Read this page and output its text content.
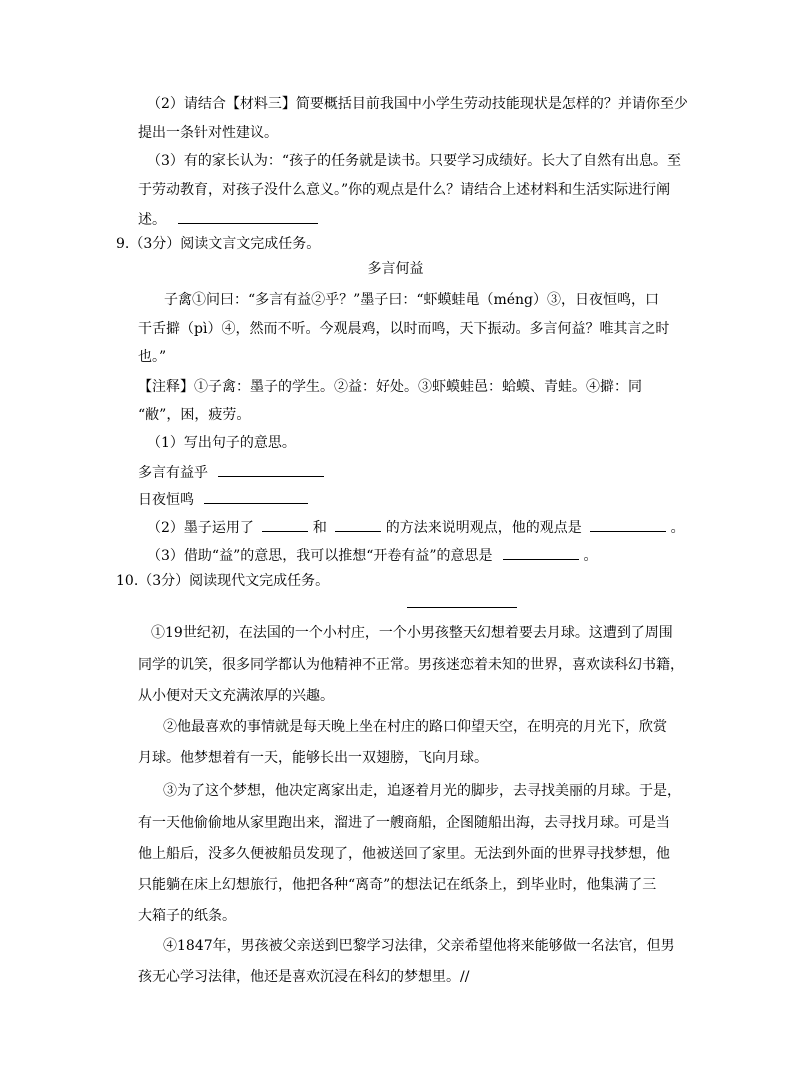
（2）请结合【材料三】简要概括目前我国中小学生劳动技能现状是怎样的？并请你至少
提出一条针对性建议。
（3）有的家长认为：“孩子的任务就是读书。只要学习成绩好。长大了自然有出息。至
于劳动教育，对孩子没什么意义。”你的观点是什么？请结合上述材料和生活实际进行阐
述。
9.（3分）阅读文言文完成任务。
多言何益
子禽①问曰：“多言有益②乎？”墨子曰：“虾蟆蛙黾（méng）③，日夜恒鸣，口
干舌擗（pì）④，然而不听。今观晨鸡，以时而鸣，天下振动。多言何益？唯其言之时
也。”
【注释】①子禽：墨子的学生。②益：好处。③虾蟆蛙邑：蛤蟆、青蛙。④擗：同
“敝”，困，疲劳。
（1）写出句子的意思。
多言有益乎
日夜恒鸣
（2）墨子运用了	和	的方法来说明观点，他的观点是	。
（3）借助“益”的意思，我可以推想“开卷有益”的意思是	。
10.（3分）阅读现代文完成任务。
①19世纪初，在法国的一个小村庄，一个小男孩整天幻想着要去月球。这遭到了周围
同学的讥笑，很多同学都认为他精神不正常。男孩迷恋着未知的世界，喜欢读科幻书籍，
从小便对天文充满浓厚的兴趣。
②他最喜欢的事情就是每天晚上坐在村庄的路口仰望天空，在明亮的月光下，欣赏
月球。他梦想着有一天，能够长出一双翅膀，飞向月球。
③为了这个梦想，他决定离家出走，追逐着月光的脚步，去寻找美丽的月球。于是，
有一天他偷偷地从家里跑出来，溜进了一艘商船，企图随船出海，去寻找月球。可是当
他上船后，没多久便被船员发现了，他被送回了家里。无法到外面的世界寻找梦想，他
只能躺在床上幻想旅行，他把各种“离奇”的想法记在纸条上，到毕业时，他集满了三
大箱子的纸条。
④1847年，男孩被父亲送到巴黎学习法律，父亲希望他将来能够做一名法官，但男
孩无心学习法律，他还是喜欢沉浸在科幻的梦想里。//
